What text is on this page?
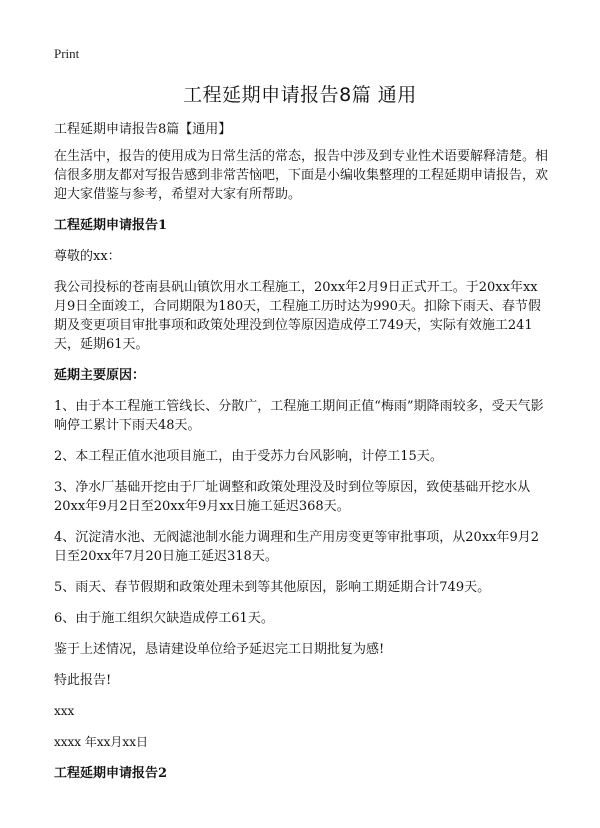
Print
工程延期申请报告8篇 通用

工程延期申请报告8篇【通用】

在生活中，报告的使用成为日常生活的常态，报告中涉及到专业性术语要解释清楚。相信很多朋友都对写报告感到非常苦恼吧，下面是小编收集整理的工程延期申请报告，欢迎大家借鉴与参考，希望对大家有所帮助。

工程延期申请报告1

尊敬的xx：

我公司投标的苍南县矾山镇饮用水工程施工，20xx年2月9日正式开工。于20xx年xx月9日全面竣工，合同期限为180天，工程施工历时达为990天。扣除下雨天、春节假期及变更项目审批事项和政策处理没到位等原因造成停工749天，实际有效施工241天，延期61天。

延期主要原因：

1、由于本工程施工管线长、分散广，工程施工期间正值“梅雨”期降雨较多，受天气影响停工累计下雨天48天。

2、本工程正值水池项目施工，由于受苏力台风影响，计停工15天。

3、净水厂基础开挖由于厂址调整和政策处理没及时到位等原因，致使基础开挖水从20xx年9月2日至20xx年9月xx日施工延迟368天。

4、沉淀清水池、无阀滤池制水能力调理和生产用房变更等审批事项，从20xx年9月2日至20xx年7月20日施工延迟318天。

5、雨天、春节假期和政策处理未到等其他原因，影响工期延期合计749天。

6、由于施工组织欠缺造成停工61天。

鉴于上述情况，恳请建设单位给予延迟完工日期批复为感!

特此报告!

xxx

xxxx 年xx月xx日

工程延期申请报告2
